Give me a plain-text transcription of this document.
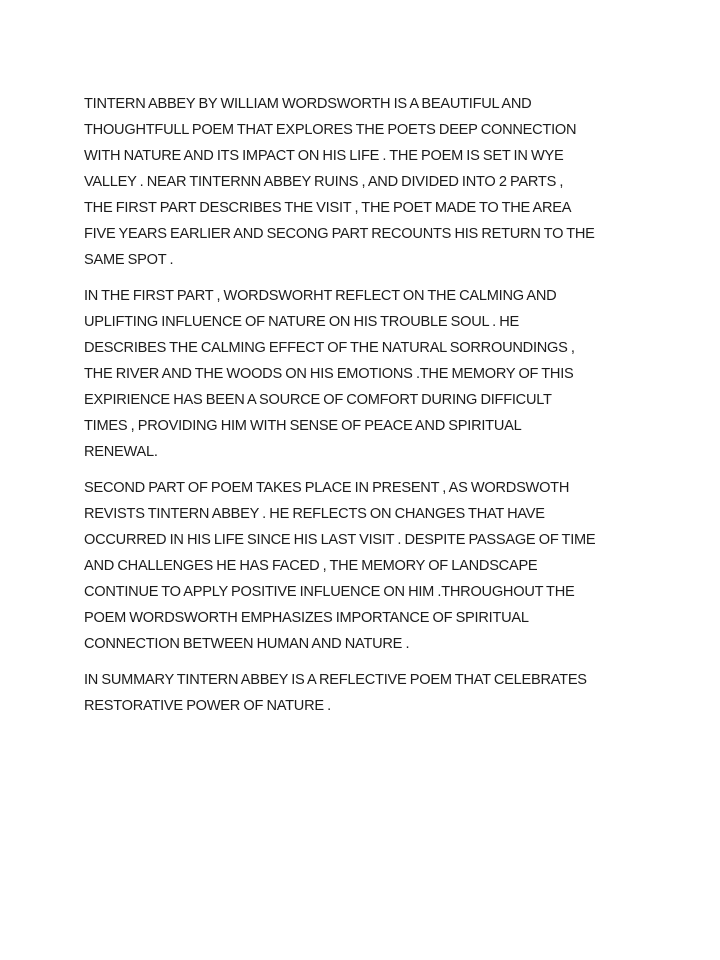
TINTERN ABBEY BY WILLIAM WORDSWORTH IS A BEAUTIFUL AND
THOUGHTFULL POEM THAT EXPLORES THE POETS DEEP CONNECTION
WITH NATURE AND ITS IMPACT ON HIS LIFE . THE POEM IS SET IN WYE
VALLEY . NEAR TINTERNN ABBEY RUINS , AND DIVIDED INTO 2 PARTS ,
THE FIRST PART DESCRIBES THE VISIT , THE POET MADE TO THE AREA
FIVE YEARS EARLIER AND SECONG PART RECOUNTS HIS RETURN TO THE
SAME SPOT .

IN THE FIRST PART , WORDSWORHT REFLECT ON THE CALMING AND
UPLIFTING INFLUENCE OF NATURE ON HIS TROUBLE SOUL . HE
DESCRIBES THE CALMING EFFECT OF THE NATURAL SORROUNDINGS ,
THE RIVER AND THE WOODS ON HIS EMOTIONS .THE MEMORY OF THIS
EXPIRIENCE HAS BEEN A SOURCE OF COMFORT DURING DIFFICULT
TIMES , PROVIDING HIM WITH SENSE OF PEACE AND SPIRITUAL
RENEWAL.

SECOND PART OF POEM TAKES PLACE IN PRESENT , AS WORDSWOTH
REVISTS TINTERN ABBEY . HE REFLECTS ON CHANGES THAT HAVE
OCCURRED IN HIS LIFE SINCE HIS LAST VISIT . DESPITE PASSAGE OF TIME
AND CHALLENGES HE HAS FACED , THE MEMORY OF LANDSCAPE
CONTINUE TO APPLY POSITIVE INFLUENCE ON HIM .THROUGHOUT THE
POEM WORDSWORTH EMPHASIZES IMPORTANCE OF SPIRITUAL
CONNECTION BETWEEN HUMAN AND NATURE .

IN SUMMARY TINTERN ABBEY IS A REFLECTIVE POEM THAT CELEBRATES
RESTORATIVE POWER OF NATURE .
